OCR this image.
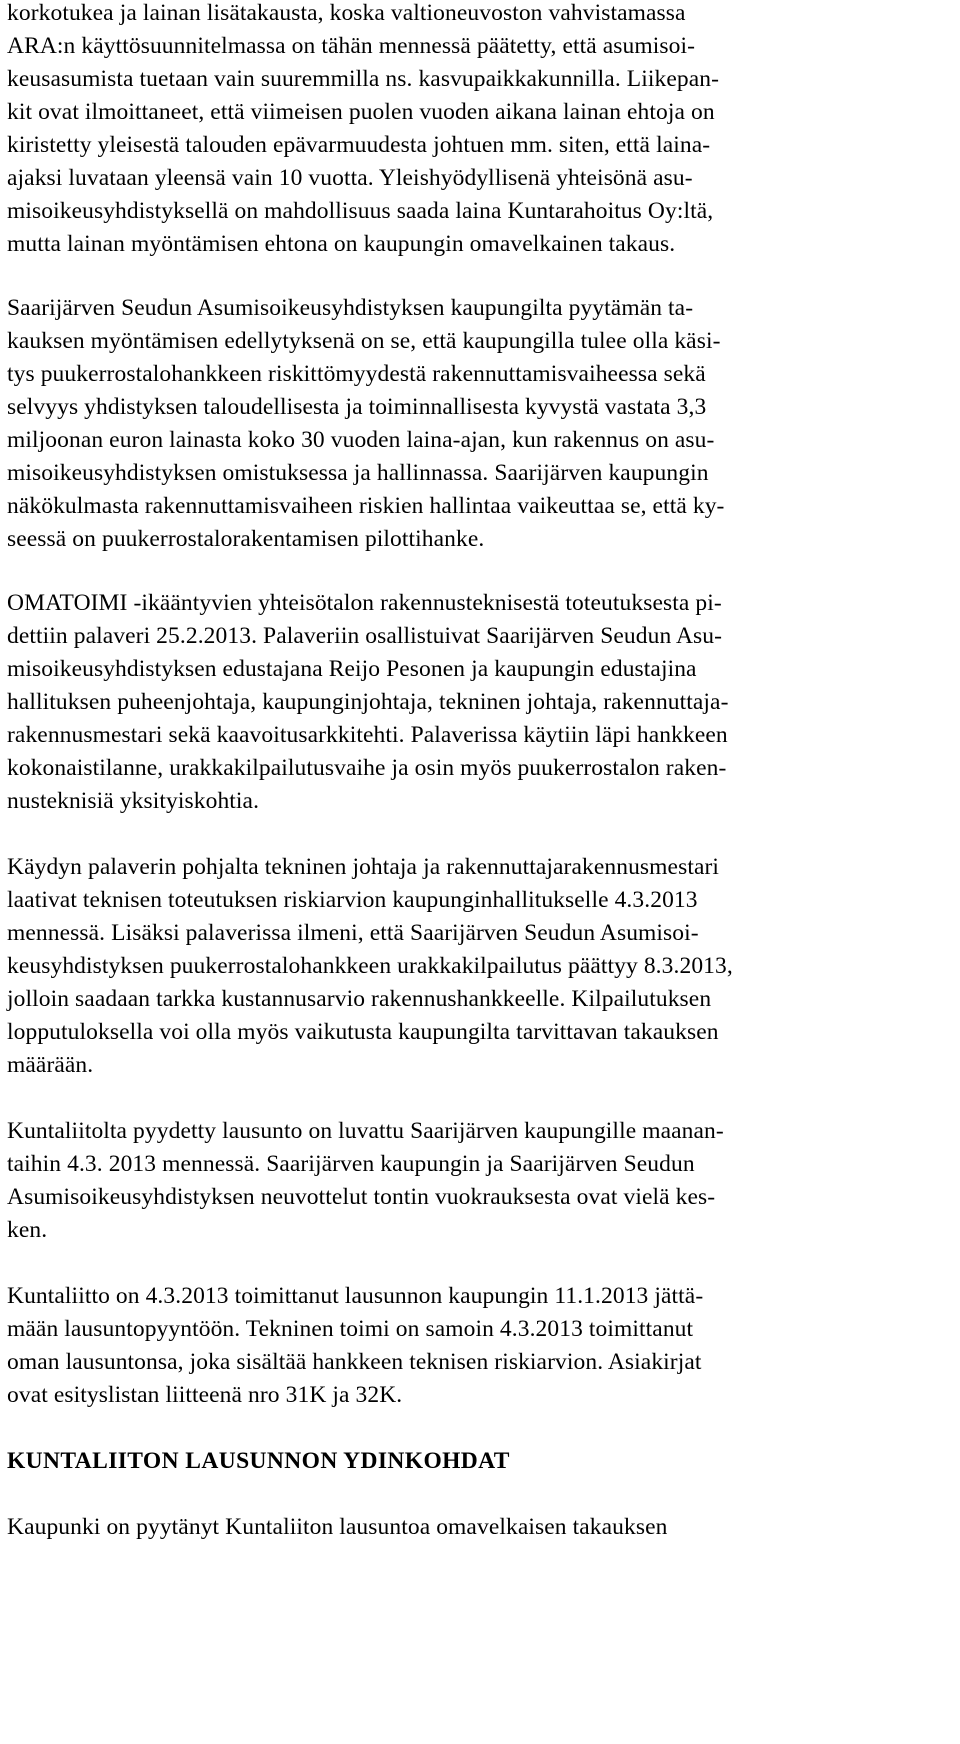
korkotukea ja lainan lisätakausta, koska valtioneuvoston vahvistamassa
ARA:n käyttösuunnitelmassa on tähän mennessä päätetty, että asumisoi-
keusasumista tuetaan vain suuremmilla ns. kasvupaikkakunnilla. Liikepan-
kit ovat ilmoittaneet, että viimeisen puolen vuoden aikana lainan ehtoja on
kiristetty yleisestä talouden epävarmuudesta johtuen mm. siten, että laina-
ajaksi luvataan yleensä vain 10 vuotta. Yleishyödyllisenä yhteisönä asu-
misoikeusyhdistyksellä on mahdollisuus saada laina Kuntarahoitus Oy:ltä,
mutta lainan myöntämisen ehtona on kaupungin omavelkainen takaus.
Saarijärven Seudun Asumisoikeusyhdistyksen kaupungilta pyytämän ta-
kauksen myöntämisen edellytyksenä on se, että kaupungilla tulee olla käsi-
tys puukerrostalohankkeen riskittömyydestä rakennuttamisvaiheessa sekä
selvyys yhdistyksen taloudellisesta ja toiminnallisesta kyvystä vastata 3,3
miljoonan euron lainasta koko 30 vuoden laina-ajan, kun rakennus on asu-
misoikeusyhdistyksen omistuksessa ja hallinnassa. Saarijärven kaupungin
näkökulmasta rakennuttamisvaiheen riskien hallintaa vaikeuttaa se, että ky-
seessä on puukerrostalorakentamisen pilottihanke.
OMATOIMI -ikääntyvien yhteisötalon rakennusteknisestä toteutuksesta pi-
dettiin palaveri 25.2.2013. Palaveriin osallistuivat Saarijärven Seudun Asu-
misoikeusyhdistyksen edustajana Reijo Pesonen ja kaupungin edustajina
hallituksen puheenjohtaja, kaupunginjohtaja, tekninen johtaja, rakennuttaja-
rakennusmestari sekä kaavoitusarkkitehti. Palaverissa käytiin läpi hankkeen
kokonaistilanne, urakkakilpailutusvaihe ja osin myös puukerrostalon raken-
nusteknisiä yksityiskohtia.
Käydyn palaverin pohjalta tekninen johtaja ja rakennuttajarakennusmestari
laativat teknisen toteutuksen riskiarvion kaupunginhallitukselle 4.3.2013
mennessä. Lisäksi palaverissa ilmeni, että Saarijärven Seudun Asumisoi-
keusyhdistyksen puukerrostalohankkeen urakkakilpailutus päättyy 8.3.2013,
jolloin saadaan tarkka kustannusarvio rakennushankkeelle. Kilpailutuksen
lopputuloksella voi olla myös vaikutusta kaupungilta tarvittavan takauksen
määrään.
Kuntaliitolta pyydetty lausunto on luvattu Saarijärven kaupungille maanan-
taihin 4.3. 2013 mennessä. Saarijärven kaupungin ja Saarijärven Seudun
Asumisoikeusyhdistyksen neuvottelut tontin vuokrauksesta ovat vielä kes-
ken.
Kuntaliitto on 4.3.2013 toimittanut lausunnon kaupungin 11.1.2013 jättä-
mään lausuntopyyntöön. Tekninen toimi on samoin 4.3.2013 toimittanut
oman lausuntonsa, joka sisältää hankkeen teknisen riskiarvion. Asiakirjat
ovat esityslistan liitteenä nro 31K ja 32K.
KUNTALIITON LAUSUNNON YDINKOHDAT
Kaupunki on pyytänyt Kuntaliiton lausuntoa omavelkaisen takauksen
